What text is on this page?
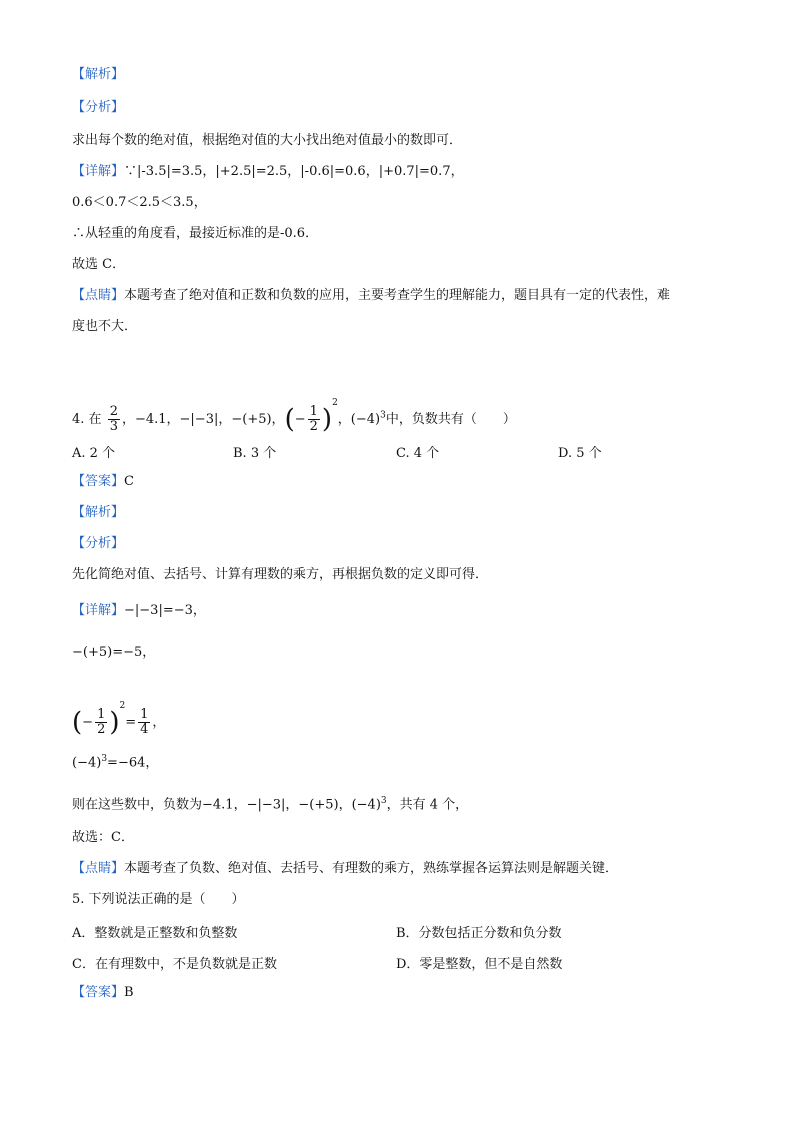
【解析】
【分析】
求出每个数的绝对值，根据绝对值的大小找出绝对值最小的数即可．
【详解】∵|-3.5|=3.5，|+2.5|=2.5，|-0.6|=0.6，|+0.7|=0.7，
0.6＜0.7＜2.5＜3.5，
∴从轻重的角度看，最接近标准的是-0.6．
故选 C．
【点睛】本题考查了绝对值和正数和负数的应用，主要考查学生的理解能力，题目具有一定的代表性，难
度也不大．
4. 在 $\frac{2}{3}$ ，−4.1，−|−3|，−(+5)，(− $\frac{1}{2} )^2$，$(-4)^3$中，负数共有（　　）
A. 2 个	B. 3 个	C. 4 个	D. 5 个
【答案】C
【解析】
【分析】
先化简绝对值、去括号、计算有理数的乘方，再根据负数的定义即可得．
【详解】−|−3|=−3，
−(+5)=−5，
(− $\frac{1}{2} )^2= \frac{1}{4}$ ，
$(-4)^3=-64$，
则在这些数中，负数为−4.1，−|−3|，−(+5)，$(-4)^3$，共有 4 个，
故选：C．
【点睛】本题考查了负数、绝对值、去括号、有理数的乘方，熟练掌握各运算法则是解题关键．
5. 下列说法正确的是（　　）
A．整数就是正整数和负整数	B．分数包括正分数和负分数
C．在有理数中，不是负数就是正数	D．零是整数，但不是自然数
【答案】B
